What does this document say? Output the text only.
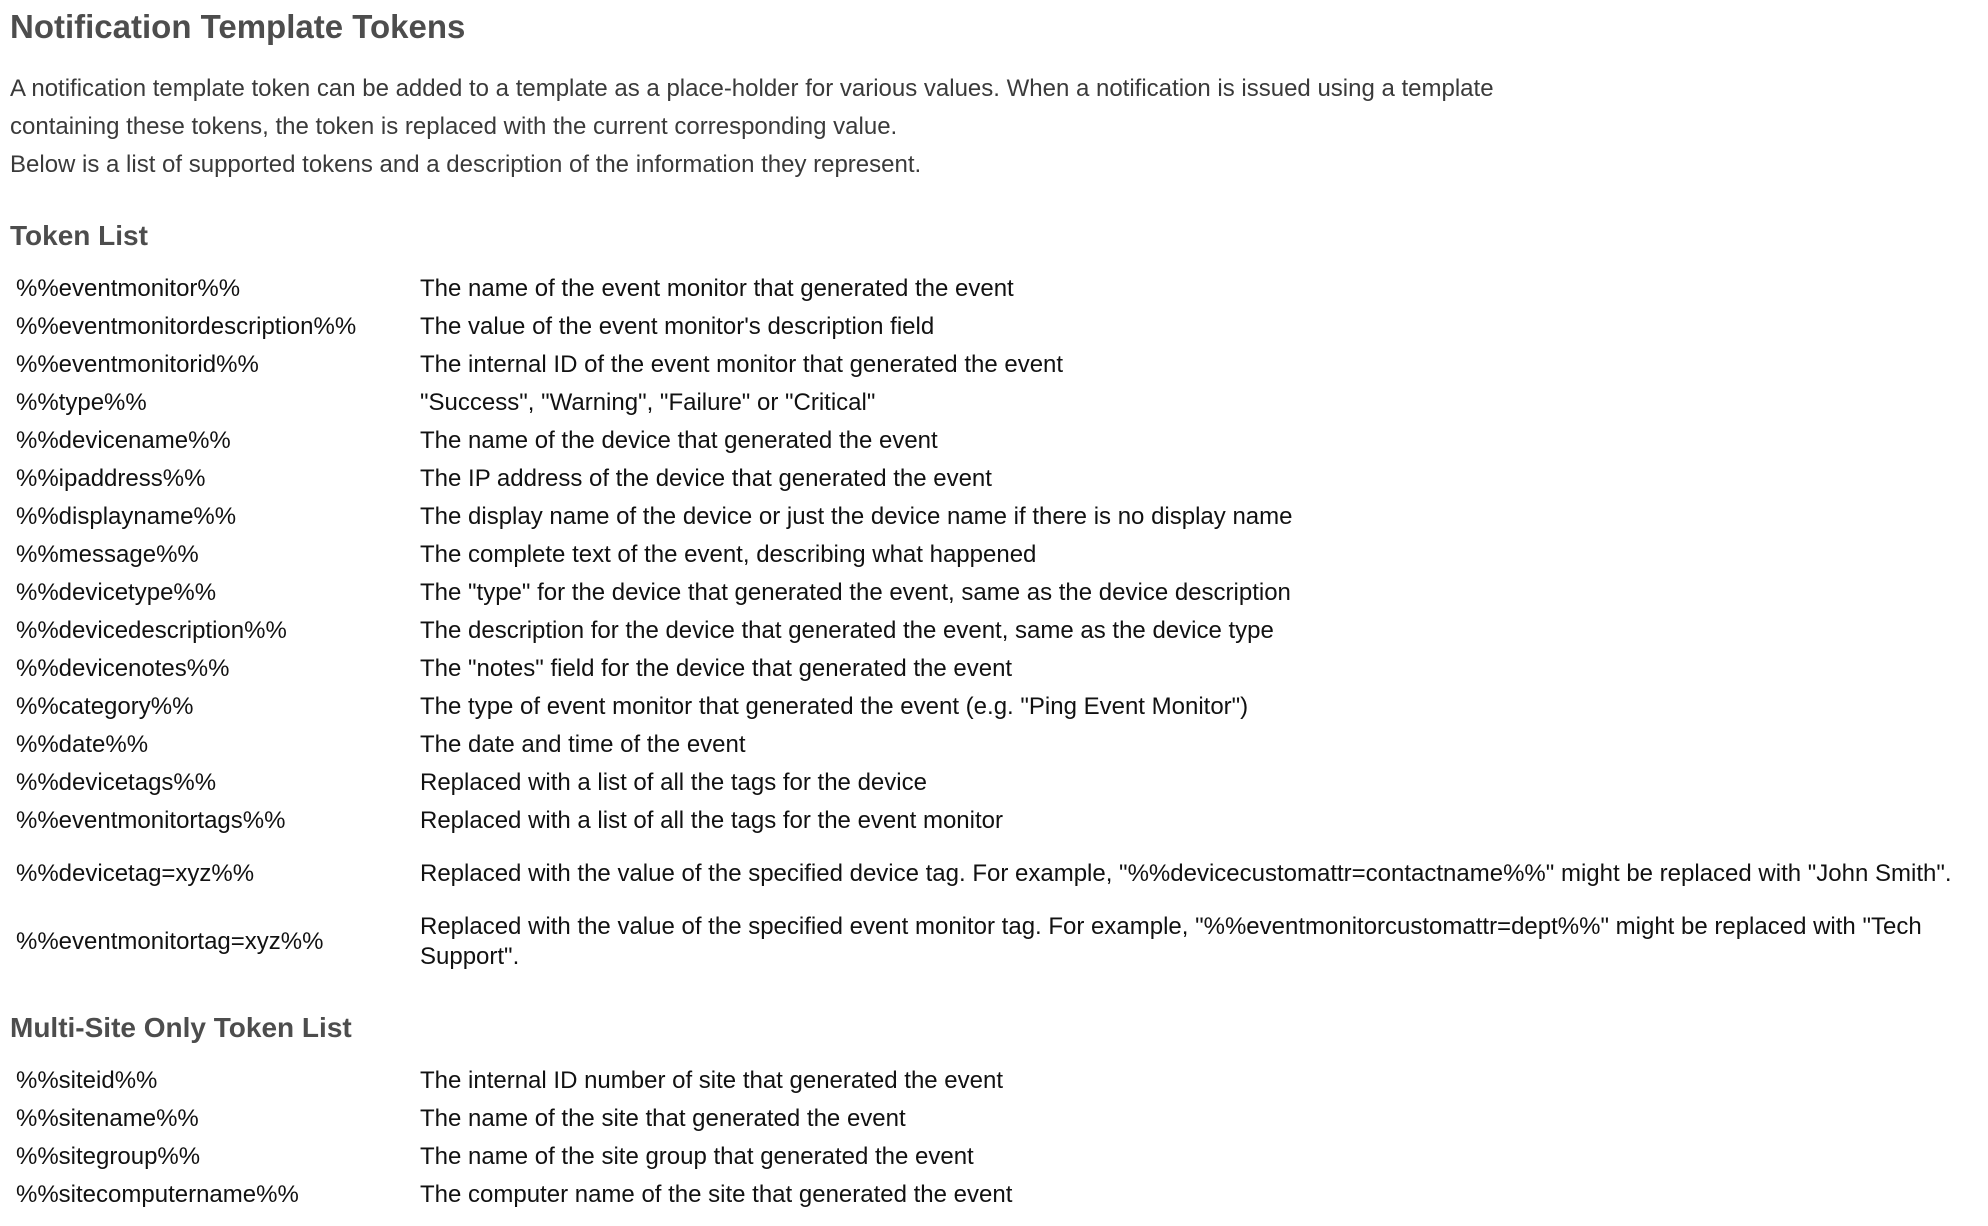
Notification Template Tokens

A notification template token can be added to a template as a place-holder for various values. When a notification is issued using a template containing these tokens, the token is replaced with the current corresponding value.

Below is a list of supported tokens and a description of the information they represent.

Token List
%%eventmonitor%%	The name of the event monitor that generated the event
%%eventmonitordescription%%	The value of the event monitor's description field
%%eventmonitorid%%	The internal ID of the event monitor that generated the event
%%type%%	"Success", "Warning", "Failure" or "Critical"
%%devicename%%	The name of the device that generated the event
%%ipaddress%%	The IP address of the device that generated the event
%%displayname%%	The display name of the device or just the device name if there is no display name
%%message%%	The complete text of the event, describing what happened
%%devicetype%%	The "type" for the device that generated the event, same as the device description
%%devicedescription%%	The description for the device that generated the event, same as the device type
%%devicenotes%%	The "notes" field for the device that generated the event
%%category%%	The type of event monitor that generated the event (e.g. "Ping Event Monitor")
%%date%%	The date and time of the event
%%devicetags%%	Replaced with a list of all the tags for the device
%%eventmonitortags%%	Replaced with a list of all the tags for the event monitor
%%devicetag=xyz%%	Replaced with the value of the specified device tag. For example, "%%devicecustomattr=contactname%%" might be replaced with "John Smith".
%%eventmonitortag=xyz%%	Replaced with the value of the specified event monitor tag. For example, "%%eventmonitorcustomattr=dept%%" might be replaced with "Tech Support".
Multi-Site Only Token List
%%siteid%%	The internal ID number of site that generated the event
%%sitename%%	The name of the site that generated the event
%%sitegroup%%	The name of the site group that generated the event
%%sitecomputername%%	The computer name of the site that generated the event
